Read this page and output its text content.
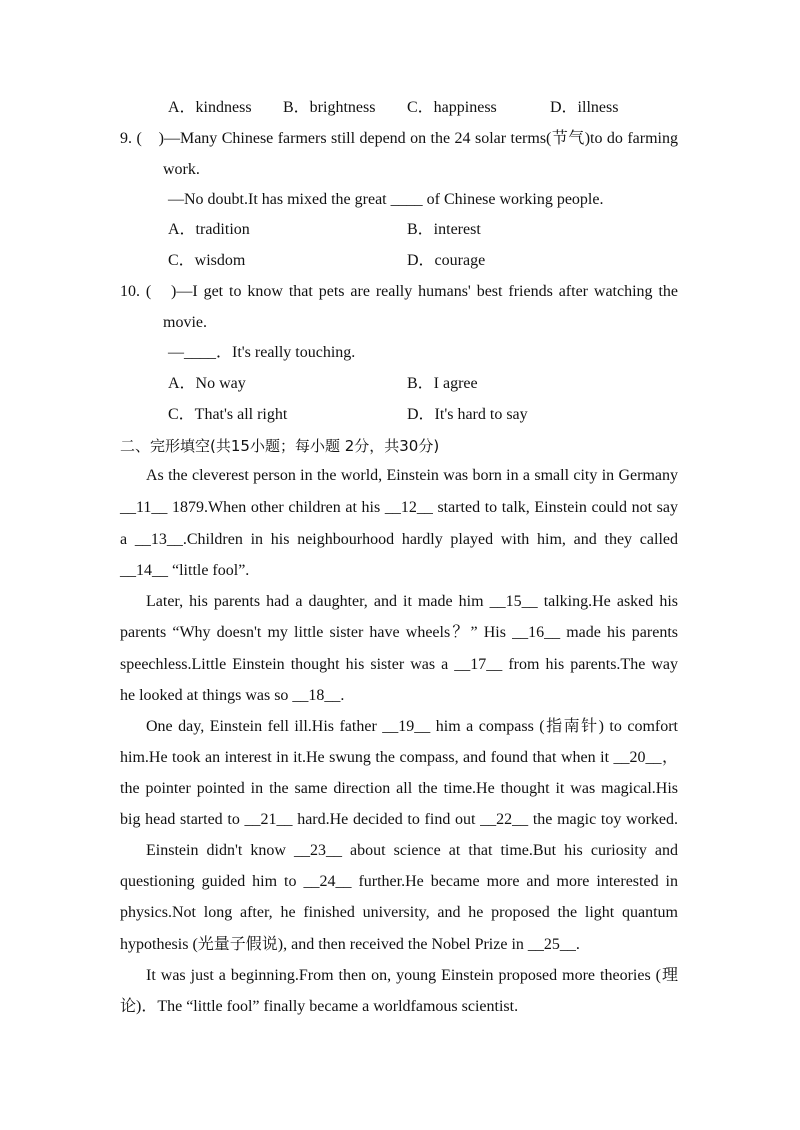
A．kindness B．brightness C．happiness	D．illness
9. (　)—Many Chinese farmers still depend on the 24 solar terms(节气)to do farming
work.
—No doubt.It has mixed the great ____ of Chinese working people.
A．tradition	B．interest
C．wisdom	D．courage
10. (　)—I get to know that pets are really humans' best friends after watching the
movie.
—____．It's really touching.
A．No way	B．I agree
C．That's all right	D．It's hard to say
二、完形填空(共15小题；每小题 2分，共30分)
As the cleverest person in the world, Einstein was born in a small city in Germany
__11__ 1879.When other children at his __12__ started to talk, Einstein could not say
a __13__.Children in his neighbourhood hardly played with him, and they called
__14__ “little fool”.
Later, his parents had a daughter, and it made him __15__ talking.He asked his
parents “Why doesn't my little sister have wheels？” His __16__ made his parents
speechless.Little Einstein thought his sister was a __17__ from his parents.The way
he looked at things was so __18__.
One day, Einstein fell ill.His father __19__ him a compass (指南针) to comfort
him.He took an interest in it.He swung the compass, and found that when it __20__，
the pointer pointed in the same direction all the time.He thought it was magical.His
big head started to __21__ hard.He decided to find out __22__ the magic toy worked.
Einstein didn't know __23__ about science at that time.But his curiosity and
questioning guided him to __24__ further.He became more and more interested in
physics.Not long after, he finished university, and he proposed the light quantum
hypothesis (光量子假说), and then received the Nobel Prize in __25__.
It was just a beginning.From then on, young Einstein proposed more theories (理
论)．The “little fool” finally became a worldfamous scientist.
